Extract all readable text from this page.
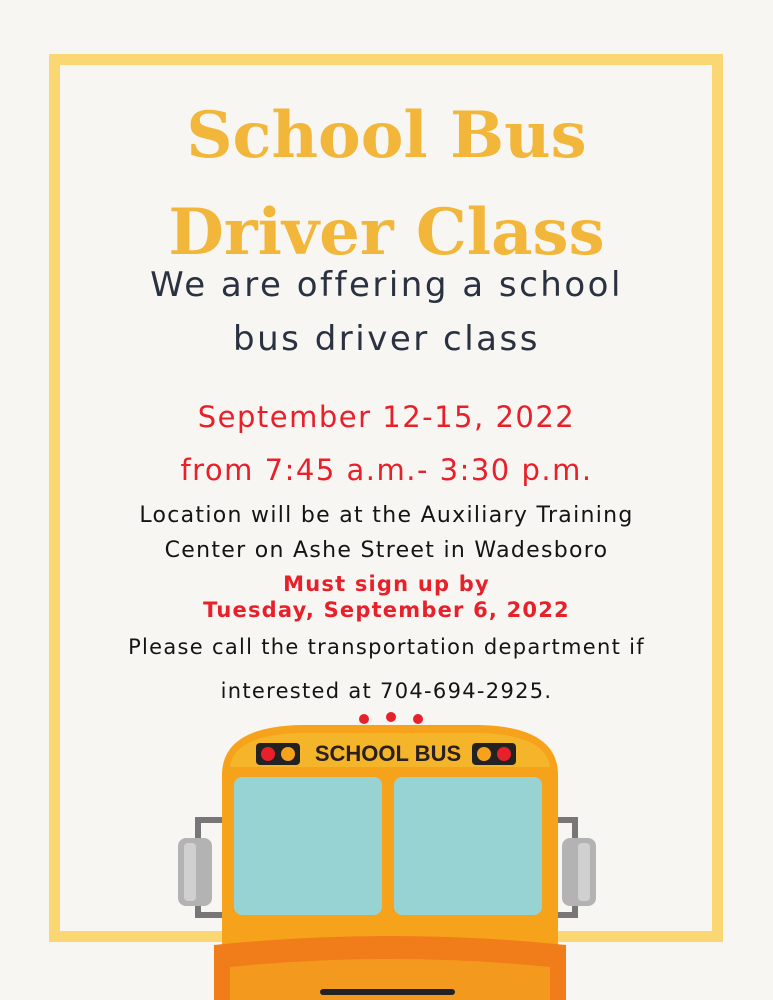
School Bus
Driver Class
We are offering a school
bus driver class
September 12-15, 2022
from 7:45 a.m.- 3:30 p.m.
Location will be at the Auxiliary Training
Center on Ashe Street in Wadesboro
Must sign up by
Tuesday, September 6, 2022
Please call the transportation department if
interested at 704-694-2925.
SCHOOL BUS
